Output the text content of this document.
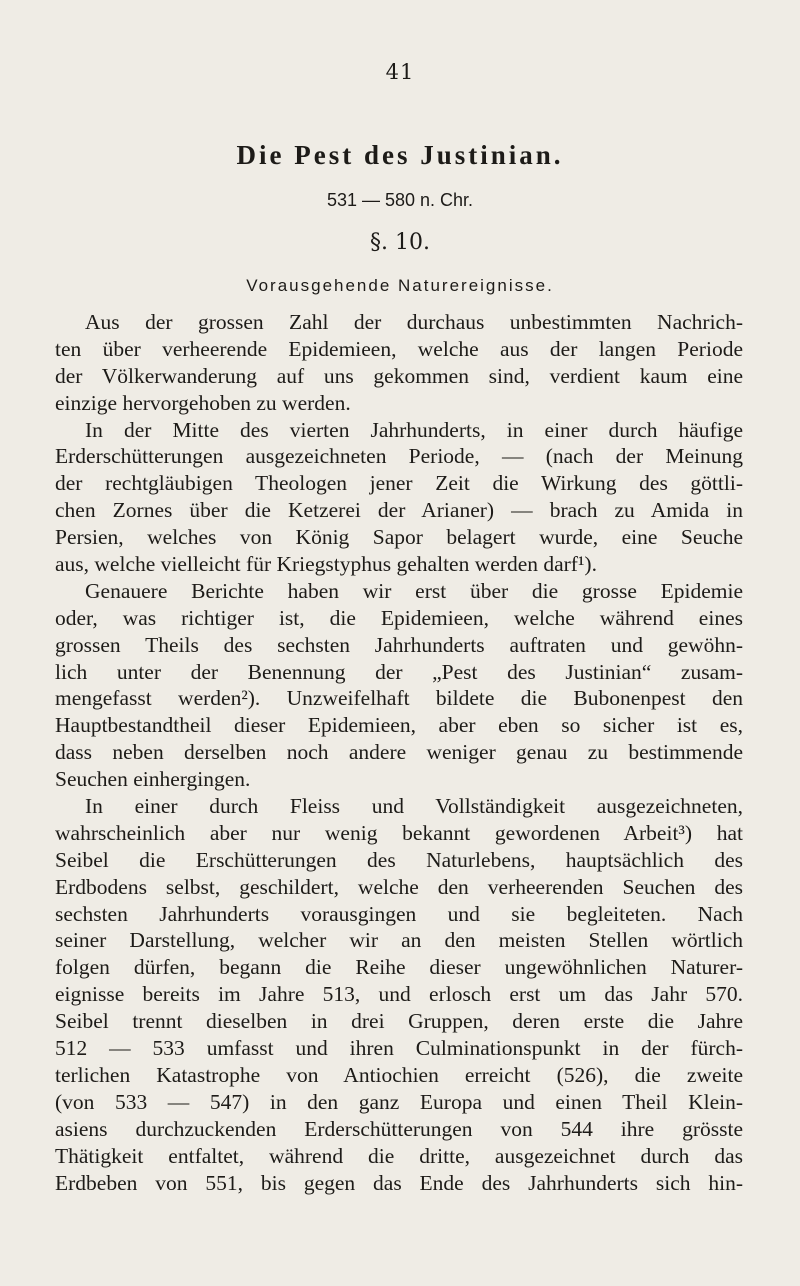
41
Die Pest des Justinian.
531 — 580 n. Chr.
§. 10.
Vorausgehende Naturereignisse.
Aus der grossen Zahl der durchaus unbestimmten Nachrich-
ten über verheerende Epidemieen, welche aus der langen Periode
der Völkerwanderung auf uns gekommen sind, verdient kaum eine
einzige hervorgehoben zu werden.
In der Mitte des vierten Jahrhunderts, in einer durch häufige
Erderschütterungen ausgezeichneten Periode, — (nach der Meinung
der rechtgläubigen Theologen jener Zeit die Wirkung des göttli-
chen Zornes über die Ketzerei der Arianer) — brach zu Amida in
Persien, welches von König Sapor belagert wurde, eine Seuche
aus, welche vielleicht für Kriegstyphus gehalten werden darf¹).
Genauere Berichte haben wir erst über die grosse Epidemie
oder, was richtiger ist, die Epidemieen, welche während eines
grossen Theils des sechsten Jahrhunderts auftraten und gewöhn-
lich unter der Benennung der „Pest des Justinian“ zusam-
mengefasst werden²). Unzweifelhaft bildete die Bubonenpest den
Hauptbestandtheil dieser Epidemieen, aber eben so sicher ist es,
dass neben derselben noch andere weniger genau zu bestimmende
Seuchen einhergingen.
In einer durch Fleiss und Vollständigkeit ausgezeichneten,
wahrscheinlich aber nur wenig bekannt gewordenen Arbeit³) hat
Seibel die Erschütterungen des Naturlebens, hauptsächlich des
Erdbodens selbst, geschildert, welche den verheerenden Seuchen des
sechsten Jahrhunderts vorausgingen und sie begleiteten. Nach
seiner Darstellung, welcher wir an den meisten Stellen wörtlich
folgen dürfen, begann die Reihe dieser ungewöhnlichen Naturer-
eignisse bereits im Jahre 513, und erlosch erst um das Jahr 570.
Seibel trennt dieselben in drei Gruppen, deren erste die Jahre
512 — 533 umfasst und ihren Culminationspunkt in der fürch-
terlichen Katastrophe von Antiochien erreicht (526), die zweite
(von 533 — 547) in den ganz Europa und einen Theil Klein-
asiens durchzuckenden Erderschütterungen von 544 ihre grösste
Thätigkeit entfaltet, während die dritte, ausgezeichnet durch das
Erdbeben von 551, bis gegen das Ende des Jahrhunderts sich hin-
